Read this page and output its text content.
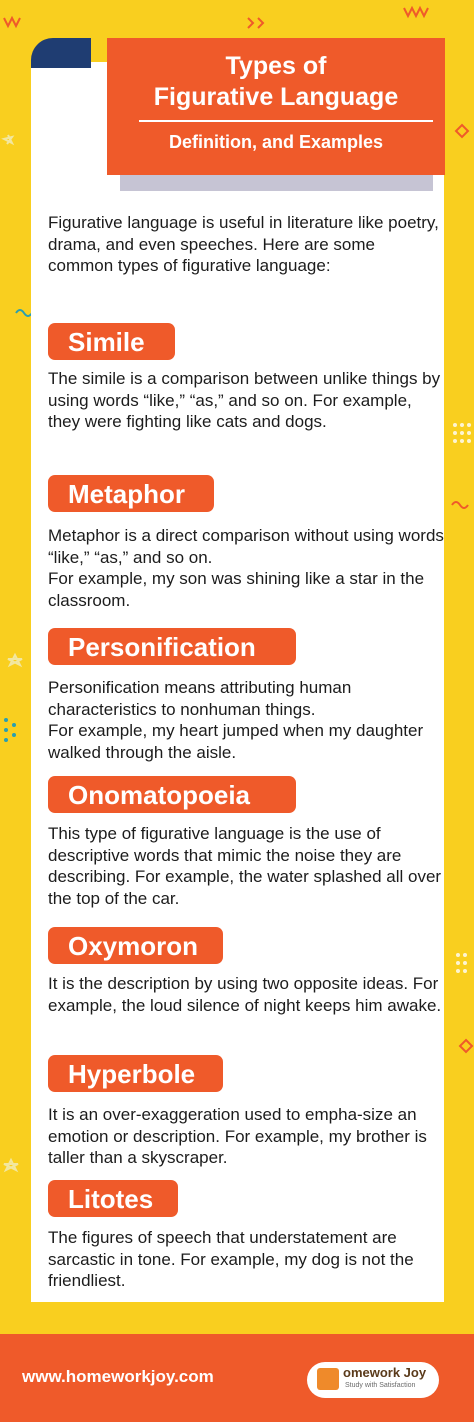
Types of
Figurative Language
Definition, and Examples
Figurative language is useful in literature like poetry, drama, and even speeches. Here are some common types of figurative language:
Simile
The simile is a comparison between unlike things by using words “like,” “as,” and so on. For example, they were fighting like cats and dogs.
Metaphor
Metaphor is a direct comparison without using words “like,” “as,” and so on.
For example, my son was shining like a star in the classroom.
Personification
Personification means attributing human characteristics to nonhuman things.
For example, my heart jumped when my daughter walked through the aisle.
Onomatopoeia
This type of figurative language is the use of descriptive words that mimic the noise they are describing. For example, the water splashed all over the top of the car.
Oxymoron
It is the description by using two opposite ideas. For example, the loud silence of night keeps him awake.
Hyperbole
It is an over-exaggeration used to empha-size an emotion or description. For example, my brother is taller than a skyscraper.
Litotes
The figures of speech that understatement are sarcastic in tone. For example, my dog is not the friendliest.
www.homeworkjoy.com	omework Joy
Study with Satisfaction
